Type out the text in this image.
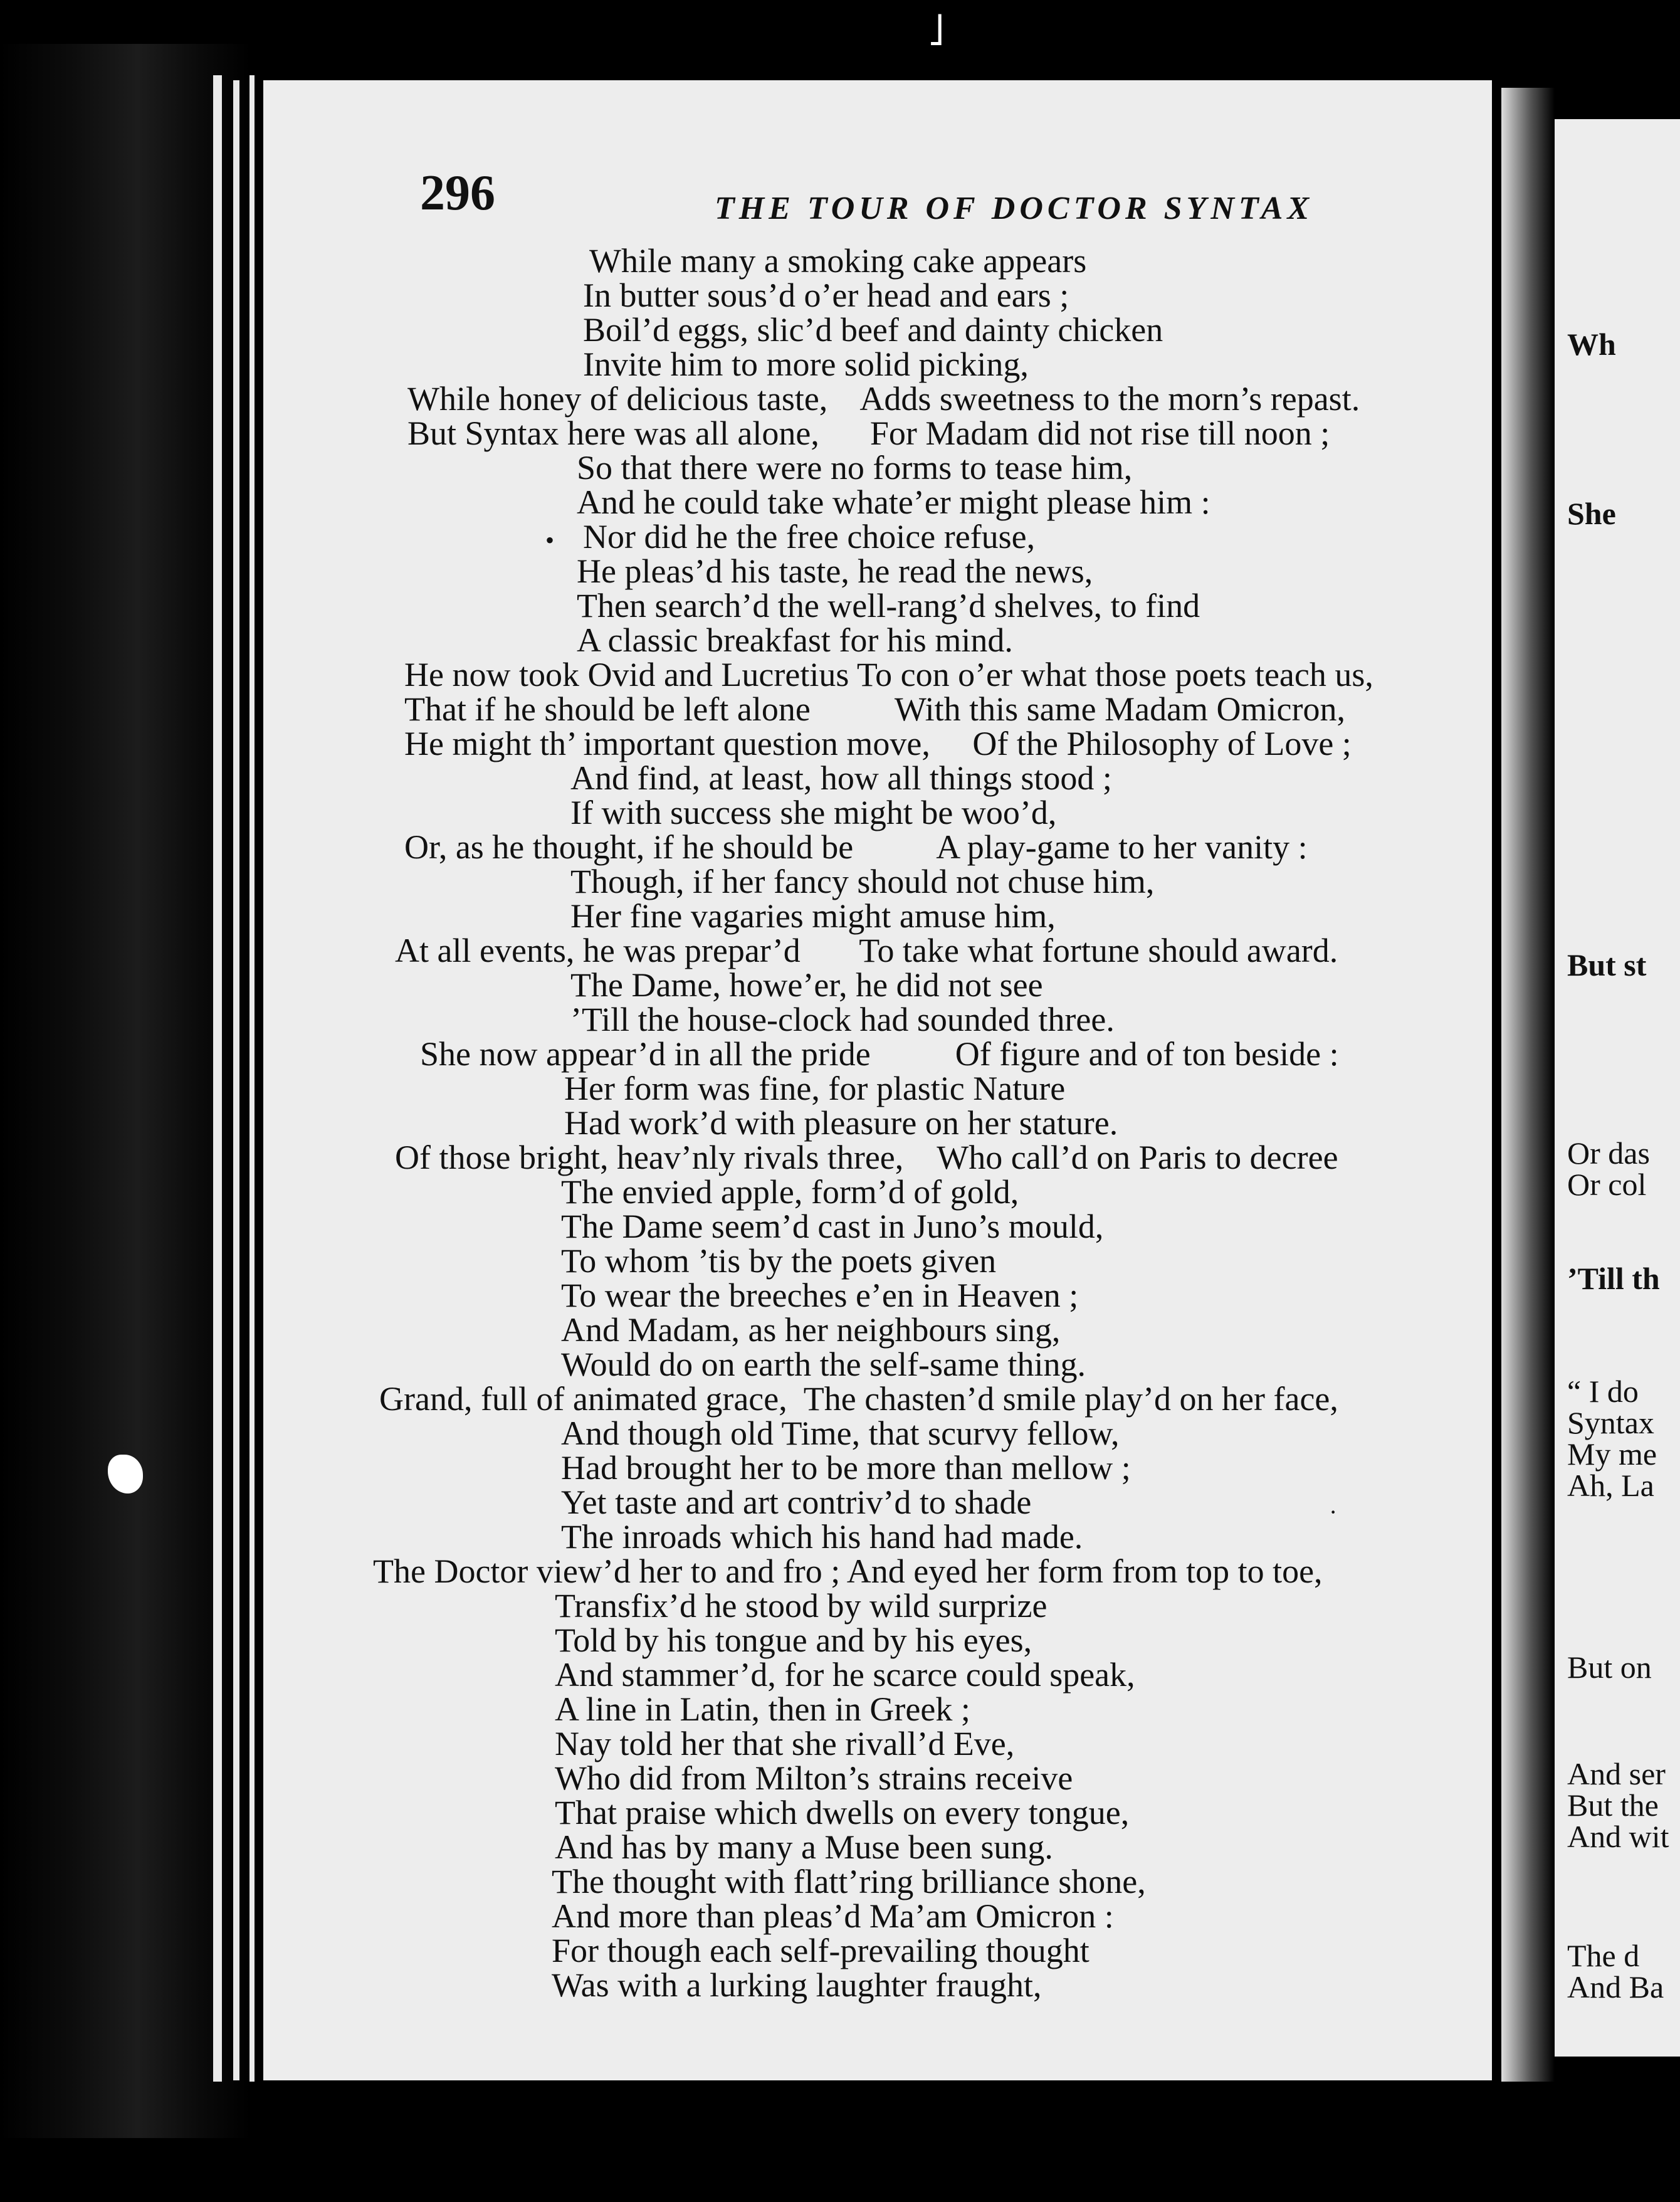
˩
296	THE TOUR OF DOCTOR SYNTAX
•
·
While many a smoking cake appears
In butter sous’d o’er head and ears ;
Boil’d eggs, slic’d beef and dainty chicken
Invite him to more solid picking,
While honey of delicious taste,    Adds sweetness to the morn’s repast.
But Syntax here was all alone,      For Madam did not rise till noon ;
So that there were no forms to tease him,
And he could take whate’er might please him :
Nor did he the free choice refuse,
He pleas’d his taste, he read the news,
Then search’d the well-rang’d shelves, to find
A classic breakfast for his mind.
He now took Ovid and Lucretius To con o’er what those poets teach us,
That if he should be left alone          With this same Madam Omicron,
He might th’ important question move,     Of the Philosophy of Love ;
And find, at least, how all things stood ;
If with success she might be woo’d,
Or, as he thought, if he should be          A play-game to her vanity :
Though, if her fancy should not chuse him,
Her fine vagaries might amuse him,
At all events, he was prepar’d       To take what fortune should award.
The Dame, howe’er, he did not see
’Till the house-clock had sounded three.
She now appear’d in all the pride          Of figure and of ton beside :
Her form was fine, for plastic Nature
Had work’d with pleasure on her stature.
Of those bright, heav’nly rivals three,    Who call’d on Paris to decree
The envied apple, form’d of gold,
The Dame seem’d cast in Juno’s mould,
To whom ’tis by the poets given
To wear the breeches e’en in Heaven ;
And Madam, as her neighbours sing,
Would do on earth the self-same thing.
Grand, full of animated grace,  The chasten’d smile play’d on her face,
And though old Time, that scurvy fellow,
Had brought her to be more than mellow ;
Yet taste and art contriv’d to shade
The inroads which his hand had made.
The Doctor view’d her to and fro ; And eyed her form from top to toe,
Transfix’d he stood by wild surprize
Told by his tongue and by his eyes,
And stammer’d, for he scarce could speak,
A line in Latin, then in Greek ;
Nay told her that she rivall’d Eve,
Who did from Milton’s strains receive
That praise which dwells on every tongue,
And has by many a Muse been sung.
The thought with flatt’ring brilliance shone,
And more than pleas’d Ma’am Omicron :
For though each self-prevailing thought
Was with a lurking laughter fraught,
Wh
She
But st
Or das
Or col
’Till th
“ I do
Syntax
My me
Ah, La
But on
And ser
But the
And wit
The d
And Ba
